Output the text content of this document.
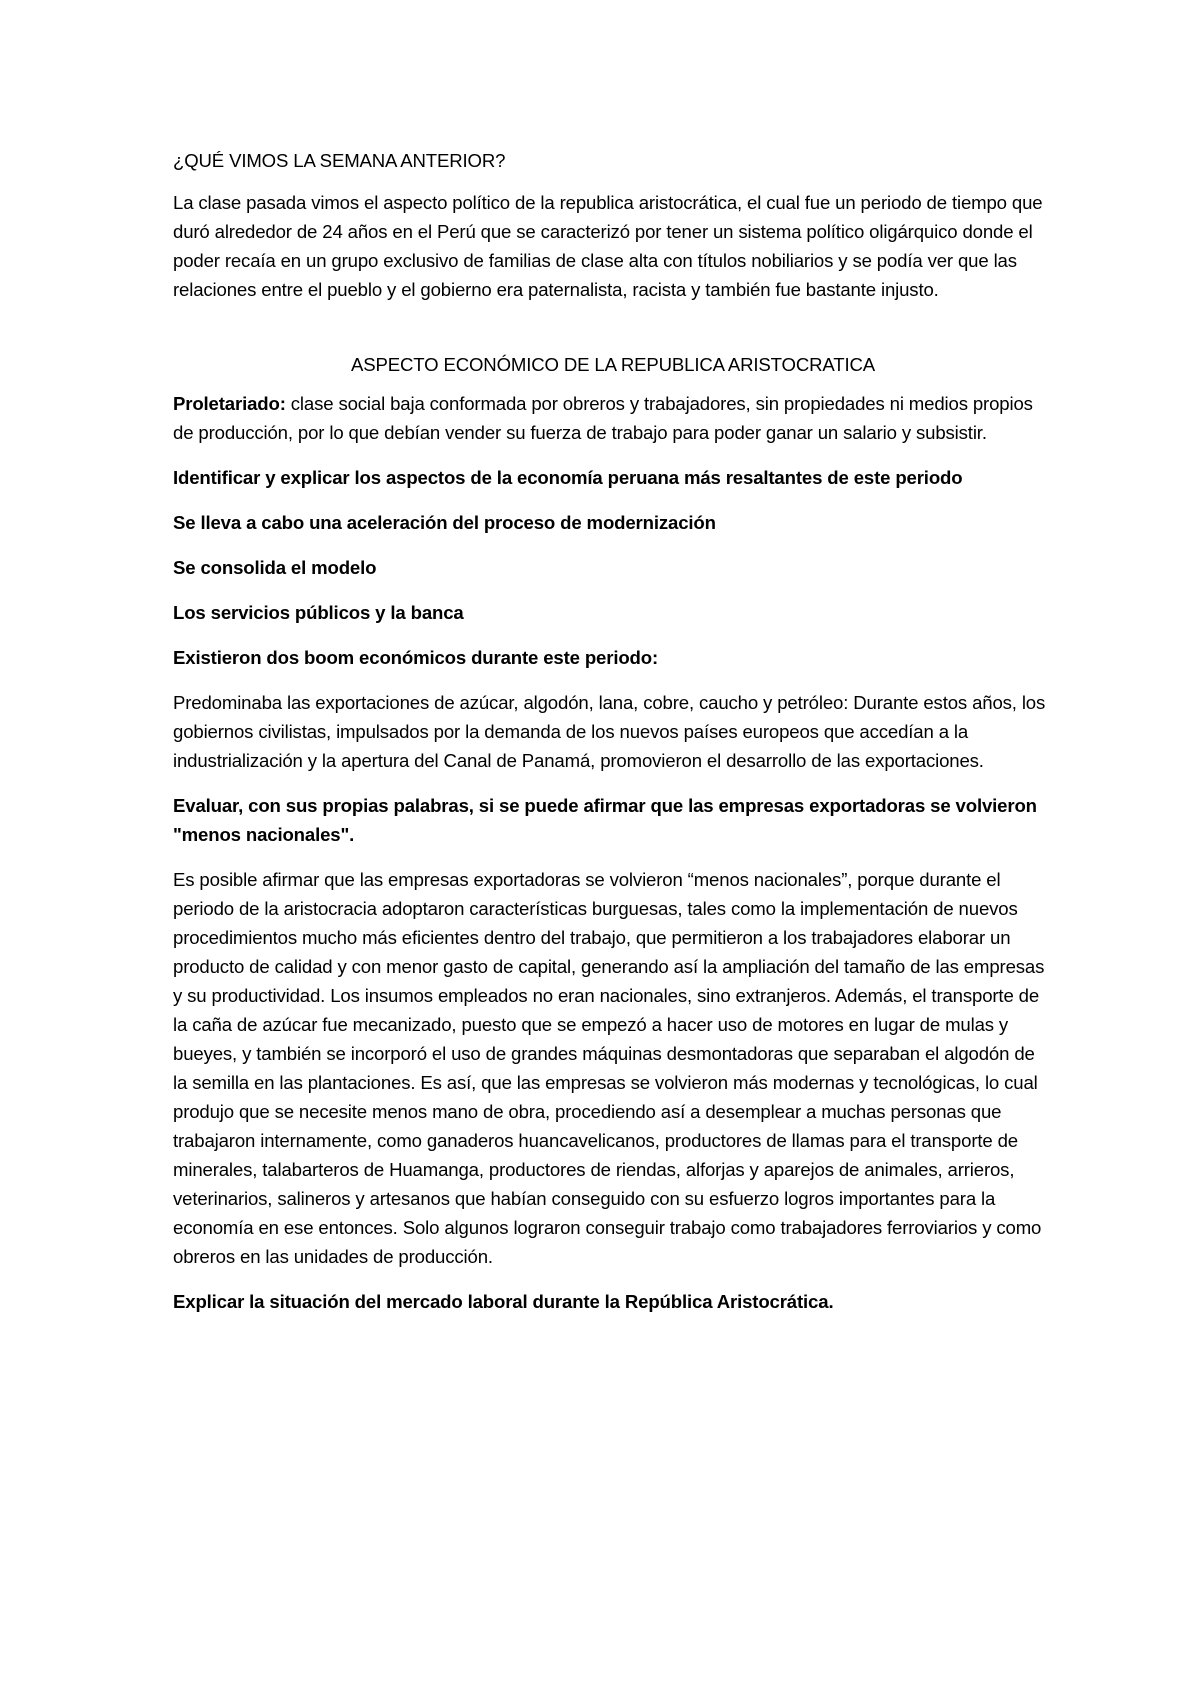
¿QUÉ VIMOS LA SEMANA ANTERIOR?

La clase pasada vimos el aspecto político de la republica aristocrática, el cual fue un periodo de tiempo que duró alrededor de 24 años en el Perú que se caracterizó por tener un sistema político oligárquico donde el poder recaía en un grupo exclusivo de familias de clase alta con títulos nobiliarios y se podía ver que las relaciones entre el pueblo y el gobierno era paternalista, racista y también fue bastante injusto.

ASPECTO ECONÓMICO DE LA REPUBLICA ARISTOCRATICA

Proletariado: clase social baja conformada por obreros y trabajadores, sin propiedades ni medios propios de producción, por lo que debían vender su fuerza de trabajo para poder ganar un salario y subsistir.

Identificar y explicar los aspectos de la economía peruana más resaltantes de este periodo

Se lleva a cabo una aceleración del proceso de modernización

Se consolida el modelo

Los servicios públicos y la banca

Existieron dos boom económicos durante este periodo:

Predominaba las exportaciones de azúcar, algodón, lana, cobre, caucho y petróleo: Durante estos años, los gobiernos civilistas, impulsados por la demanda de los nuevos países europeos que accedían a la industrialización y la apertura del Canal de Panamá, promovieron el desarrollo de las exportaciones.

Evaluar, con sus propias palabras, si se puede afirmar que las empresas exportadoras se volvieron "menos nacionales".

Es posible afirmar que las empresas exportadoras se volvieron “menos nacionales”, porque durante el periodo de la aristocracia adoptaron características burguesas, tales como la implementación de nuevos procedimientos mucho más eficientes dentro del trabajo, que permitieron a los trabajadores elaborar un producto de calidad y con menor gasto de capital, generando así la ampliación del tamaño de las empresas y su productividad. Los insumos empleados no eran nacionales, sino extranjeros. Además, el transporte de la caña de azúcar fue mecanizado, puesto que se empezó a hacer uso de motores en lugar de mulas y bueyes, y también se incorporó el uso de grandes máquinas desmontadoras que separaban el algodón de la semilla en las plantaciones. Es así, que las empresas se volvieron más modernas y tecnológicas, lo cual produjo que se necesite menos mano de obra, procediendo así a desemplear a muchas personas que trabajaron internamente, como ganaderos huancavelicanos, productores de llamas para el transporte de minerales, talabarteros de Huamanga, productores de riendas, alforjas y aparejos de animales, arrieros, veterinarios, salineros y artesanos que habían conseguido con su esfuerzo logros importantes para la economía en ese entonces. Solo algunos lograron conseguir trabajo como trabajadores ferroviarios y como obreros en las unidades de producción.

Explicar la situación del mercado laboral durante la República Aristocrática.
